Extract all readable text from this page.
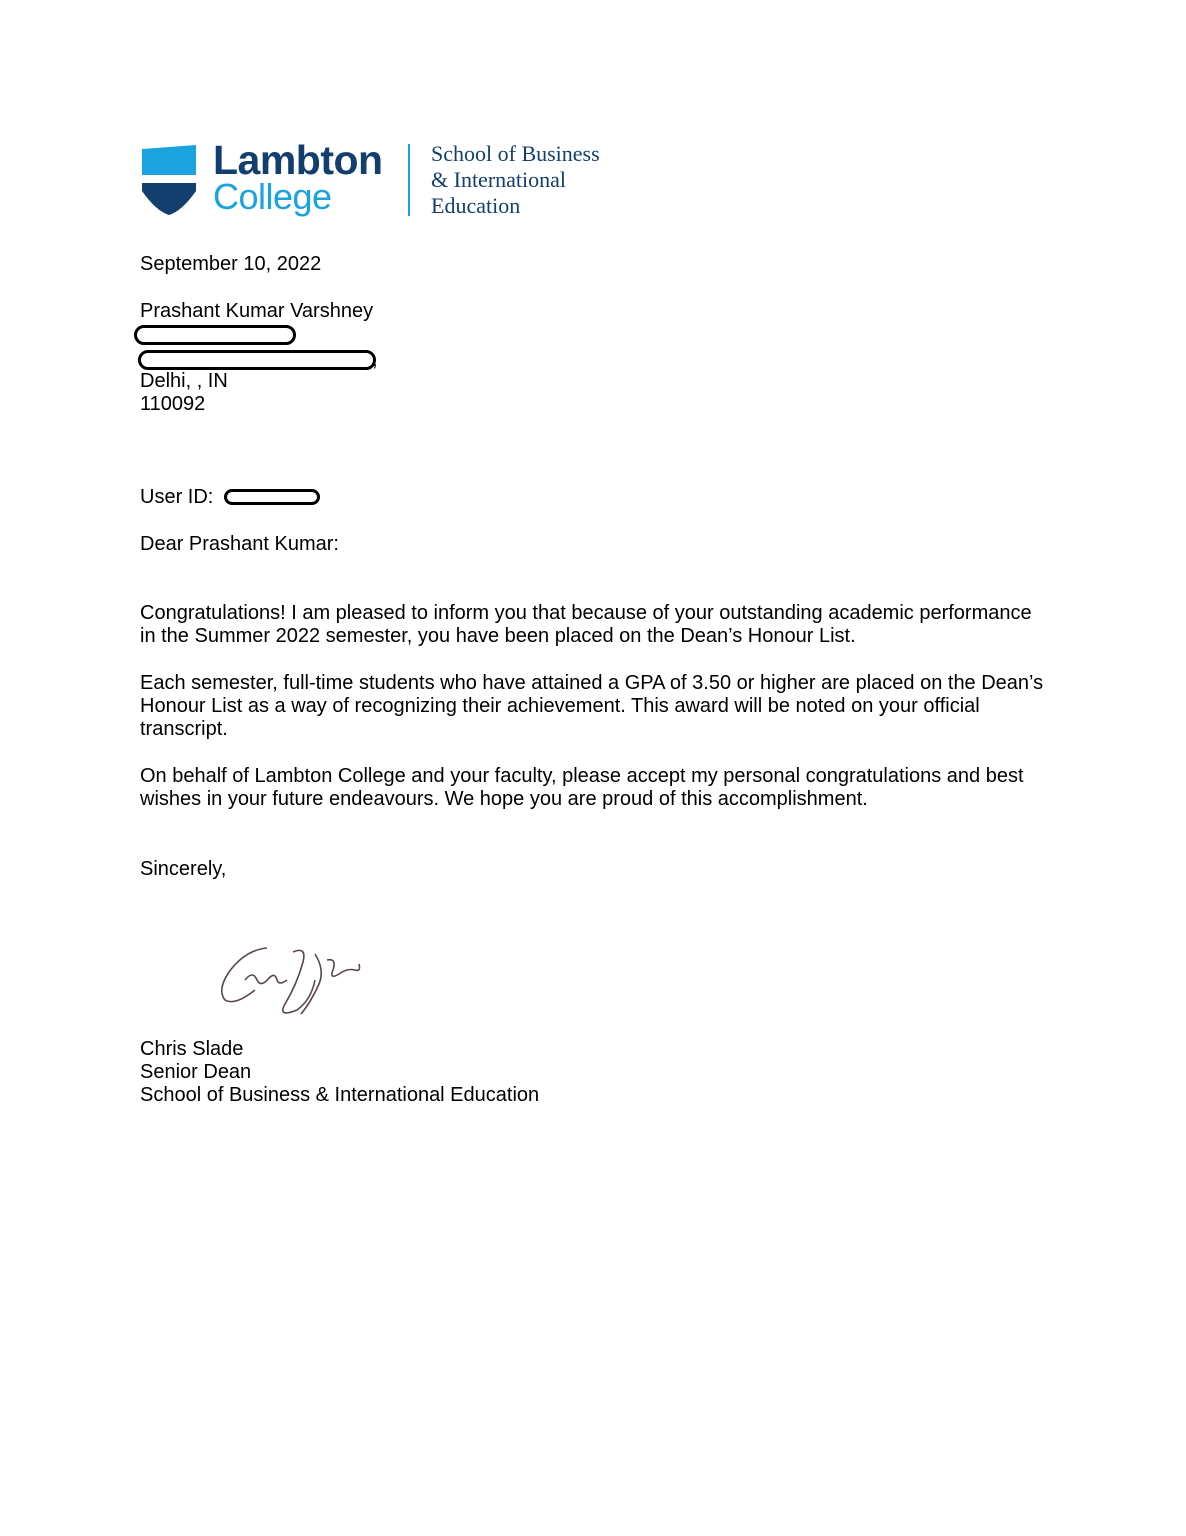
Lambton
College
School of Business
& International
Education
September 10, 2022
Prashant Kumar Varshney
,
Delhi, , IN
110092
User ID:
Dear Prashant Kumar:
Congratulations! I am pleased to inform you that because of your outstanding academic performance in the Summer 2022 semester, you have been placed on the Dean’s Honour List.
Each semester, full-time students who have attained a GPA of 3.50 or higher are placed on the Dean’s Honour List as a way of recognizing their achievement. This award will be noted on your official transcript.
On behalf of Lambton College and your faculty, please accept my personal congratulations and best wishes in your future endeavours. We hope you are proud of this accomplishment.
Sincerely,
Chris Slade
Senior Dean
School of Business & International Education
